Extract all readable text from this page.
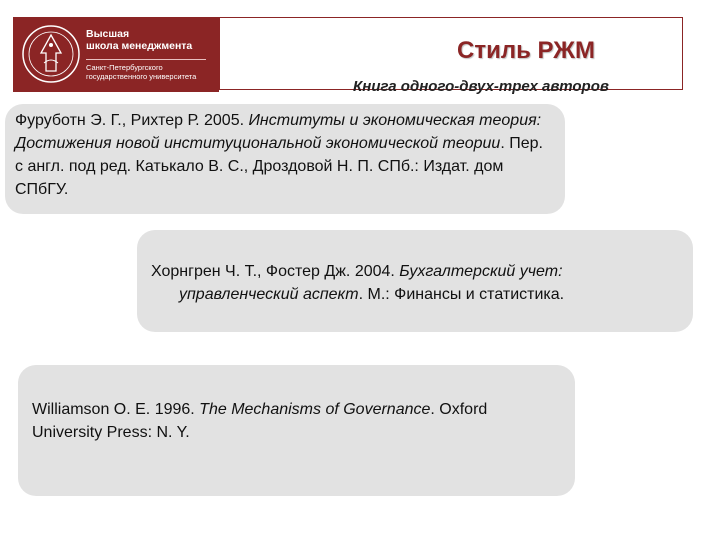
Высшая
школа менеджмента
Санкт-Петербургского
государственного университета
Стиль РЖМ
Книга одного-двух-трех авторов
Фуруботн Э. Г., Рихтер Р. 2005. Институты и экономическая теория: Достижения новой институциональной экономической теории. Пер. с англ. под ред. Катькало В. С., Дроздовой Н. П. СПб.: Издат. дом СПбГУ.
Хорнгрен Ч. Т., Фостер Дж. 2004. Бухгалтерский учет: управленческий аспект. М.: Финансы и статистика.
Williamson O. E. 1996. The Mechanisms of Governance. Oxford University Press: N. Y.
